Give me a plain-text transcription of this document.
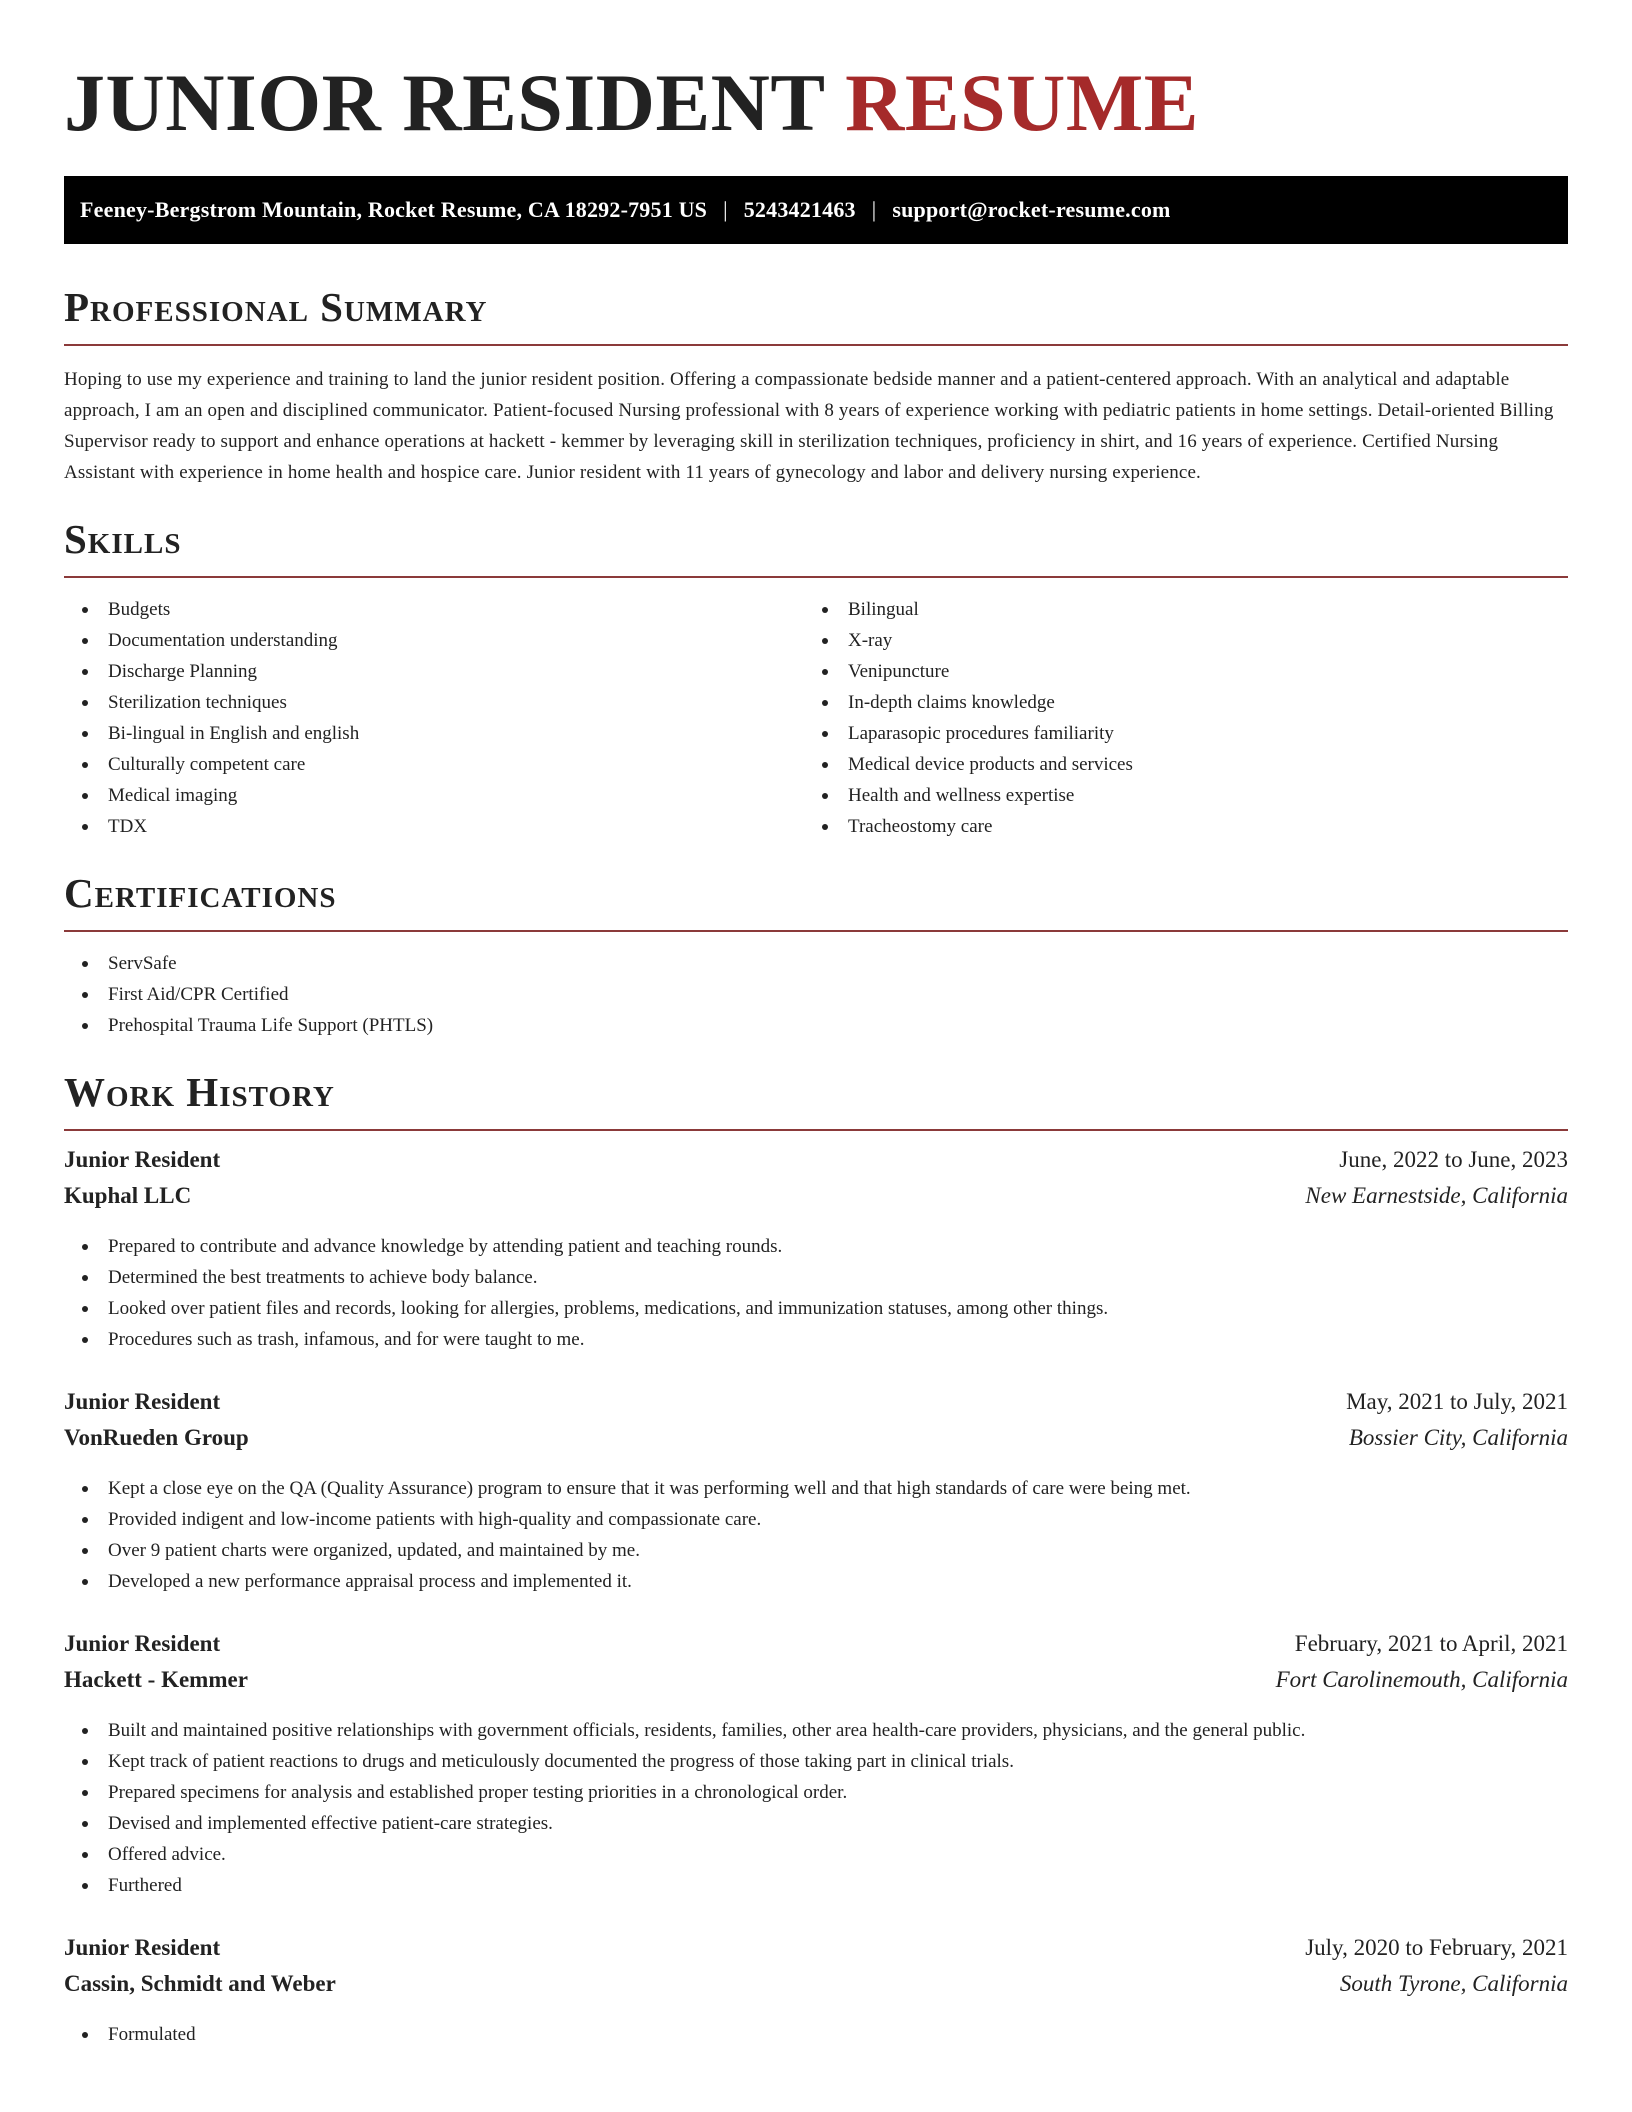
JUNIOR RESIDENT RESUME
Feeney-Bergstrom Mountain, Rocket Resume, CA 18292-7951 US | 5243421463 | support@rocket-resume.com
Professional Summary

Hoping to use my experience and training to land the junior resident position. Offering a compassionate bedside manner and a patient-centered approach. With an analytical and adaptable approach, I am an open and disciplined communicator. Patient-focused Nursing professional with 8 years of experience working with pediatric patients in home settings. Detail-oriented Billing Supervisor ready to support and enhance operations at hackett - kemmer by leveraging skill in sterilization techniques, proficiency in shirt, and 16 years of experience. Certified Nursing Assistant with experience in home health and hospice care. Junior resident with 11 years of gynecology and labor and delivery nursing experience.

Skills
Budgets
Documentation understanding
Discharge Planning
Sterilization techniques
Bi-lingual in English and english
Culturally competent care
Medical imaging
TDX
Bilingual
X-ray
Venipuncture
In-depth claims knowledge
Laparasopic procedures familiarity
Medical device products and services
Health and wellness expertise
Tracheostomy care
Certifications
ServSafe
First Aid/CPR Certified
Prehospital Trauma Life Support (PHTLS)
Work History
Junior Resident	June, 2022 to June, 2023
Kuphal LLC	New Earnestside, California
Prepared to contribute and advance knowledge by attending patient and teaching rounds.
Determined the best treatments to achieve body balance.
Looked over patient files and records, looking for allergies, problems, medications, and immunization statuses, among other things.
Procedures such as trash, infamous, and for were taught to me.
Junior Resident	May, 2021 to July, 2021
VonRueden Group	Bossier City, California
Kept a close eye on the QA (Quality Assurance) program to ensure that it was performing well and that high standards of care were being met.
Provided indigent and low-income patients with high-quality and compassionate care.
Over 9 patient charts were organized, updated, and maintained by me.
Developed a new performance appraisal process and implemented it.
Junior Resident	February, 2021 to April, 2021
Hackett - Kemmer	Fort Carolinemouth, California
Built and maintained positive relationships with government officials, residents, families, other area health-care providers, physicians, and the general public.
Kept track of patient reactions to drugs and meticulously documented the progress of those taking part in clinical trials.
Prepared specimens for analysis and established proper testing priorities in a chronological order.
Devised and implemented effective patient-care strategies.
Offered advice.
Furthered
Junior Resident	July, 2020 to February, 2021
Cassin, Schmidt and Weber	South Tyrone, California
Formulated
